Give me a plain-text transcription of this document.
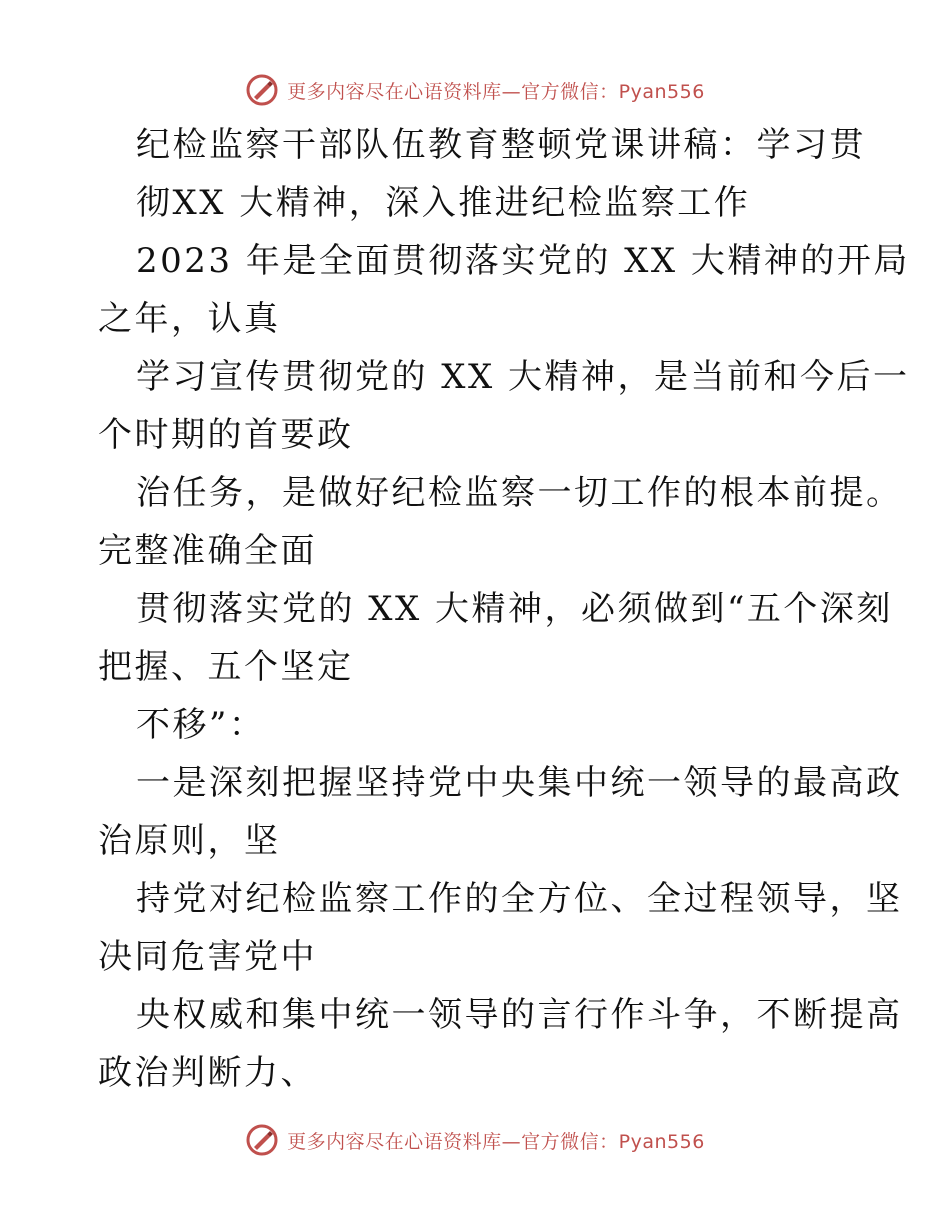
更多内容尽在心语资料库—官方微信：Pyan556
纪检监察干部队伍教育整顿党课讲稿：学习贯
彻XX 大精神，深入推进纪检监察工作
2023 年是全面贯彻落实党的 XX 大精神的开局
之年，认真
学习宣传贯彻党的 XX 大精神，是当前和今后一
个时期的首要政
治任务，是做好纪检监察一切工作的根本前提。
完整准确全面
贯彻落实党的 XX 大精神，必须做到“五个深刻
把握、五个坚定
不移”：
一是深刻把握坚持党中央集中统一领导的最高政
治原则，坚
持党对纪检监察工作的全方位、全过程领导，坚
决同危害党中
央权威和集中统一领导的言行作斗争，不断提高
政治判断力、
更多内容尽在心语资料库—官方微信：Pyan556
